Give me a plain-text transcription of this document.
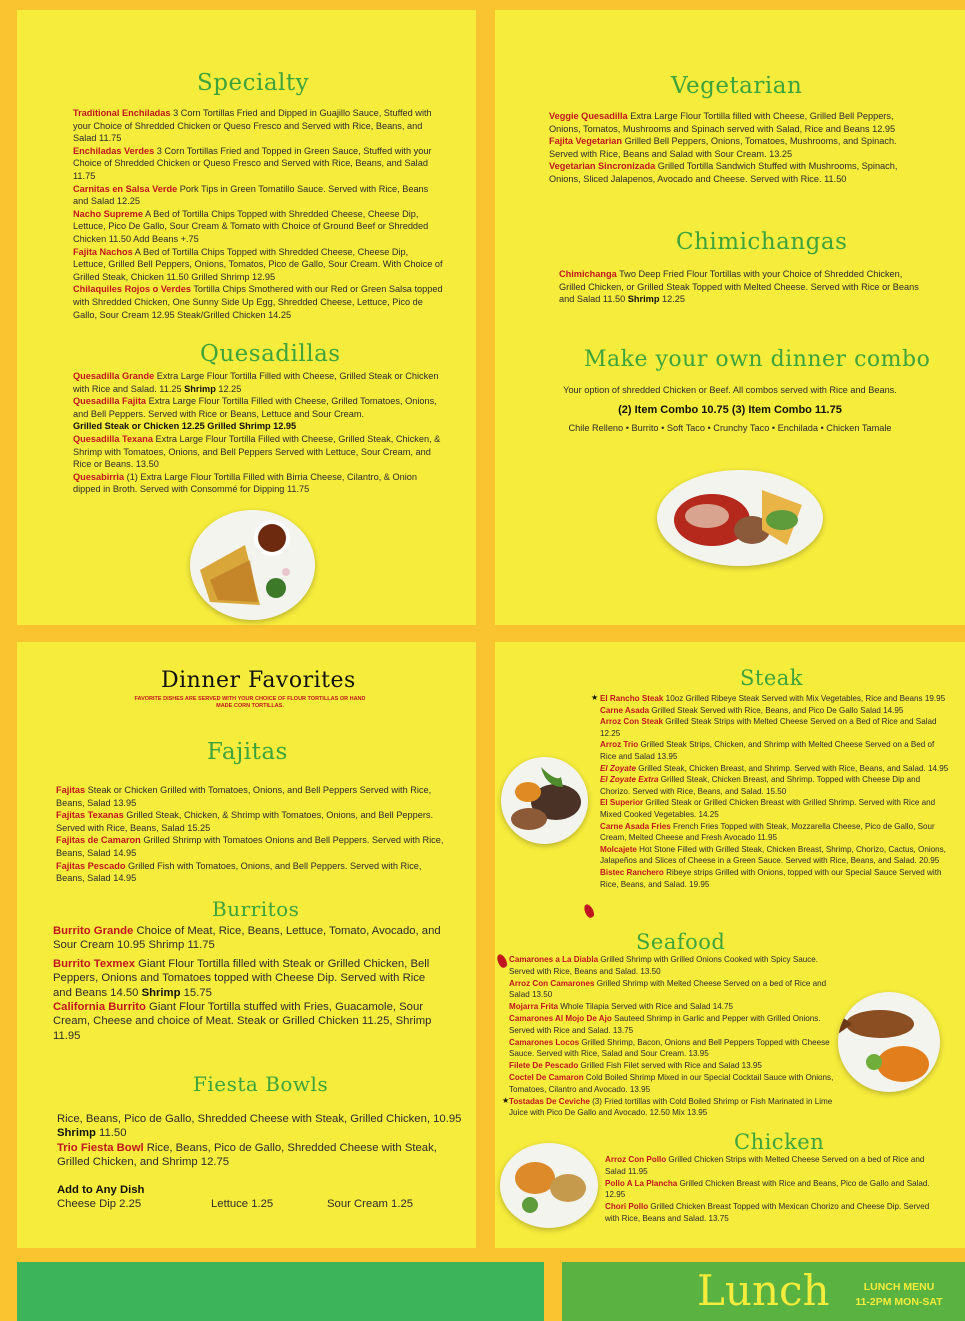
Specialty

Traditional Enchiladas 3 Corn Tortillas Fried and Dipped in Guajillo Sauce, Stuffed with your Choice of Shredded Chicken or Queso Fresco and Served with Rice, Beans, and Salad 11.75

Enchiladas Verdes 3 Corn Tortillas Fried and Topped in Green Sauce, Stuffed with your Choice of Shredded Chicken or Queso Fresco and Served with Rice, Beans, and Salad 11.75

Carnitas en Salsa Verde Pork Tips in Green Tomatillo Sauce. Served with Rice, Beans and Salad 12.25

Nacho Supreme A Bed of Tortilla Chips Topped with Shredded Cheese, Cheese Dip, Lettuce, Pico De Gallo, Sour Cream & Tomato with Choice of Ground Beef or Shredded Chicken 11.50 Add Beans +.75

Fajita Nachos A Bed of Tortilla Chips Topped with Shredded Cheese, Cheese Dip, Lettuce, Grilled Bell Peppers, Onions, Tomatos, Pico de Gallo, Sour Cream. With Choice of Grilled Steak, Chicken 11.50 Grilled Shrimp 12.95

Chilaquiles Rojos o Verdes Tortilla Chips Smothered with our Red or Green Salsa topped with Shredded Chicken, One Sunny Side Up Egg, Shredded Cheese, Lettuce, Pico de Gallo, Sour Cream 12.95 Steak/Grilled Chicken 14.25

Quesadillas

Quesadilla Grande Extra Large Flour Tortilla Filled with Cheese, Grilled Steak or Chicken with Rice and Salad. 11.25 Shrimp 12.25

Quesadilla Fajita Extra Large Flour Tortilla Filled with Cheese, Grilled Tomatoes, Onions, and Bell Peppers. Served with Rice or Beans, Lettuce and Sour Cream.

Grilled Steak or Chicken 12.25 Grilled Shrimp 12.95

Quesadilla Texana Extra Large Flour Tortilla Filled with Cheese, Grilled Steak, Chicken, & Shrimp with Tomatoes, Onions, and Bell Peppers Served with Lettuce, Sour Cream, and Rice or Beans. 13.50

Quesabirria (1) Extra Large Flour Tortilla Filled with Birria Cheese, Cilantro, & Onion dipped in Broth. Served with Consommé for Dipping 11.75

Vegetarian

Veggie Quesadilla Extra Large Flour Tortilla filled with Cheese, Grilled Bell Peppers, Onions, Tomatos, Mushrooms and Spinach served with Salad, Rice and Beans 12.95

Fajita Vegetarian Grilled Bell Peppers, Onions, Tomatoes, Mushrooms, and Spinach. Served with Rice, Beans and Salad with Sour Cream. 13.25

Vegetarian Sincronizada Grilled Tortilla Sandwich Stuffed with Mushrooms, Spinach, Onions, Sliced Jalapenos, Avocado and Cheese. Served with Rice. 11.50

Chimichangas

Chimichanga Two Deep Fried Flour Tortillas with your Choice of Shredded Chicken, Grilled Chicken, or Grilled Steak Topped with Melted Cheese. Served with Rice or Beans and Salad 11.50 Shrimp 12.25

Make your own dinner combo

Your option of shredded Chicken or Beef. All combos served with Rice and Beans.

(2) Item Combo 10.75 (3) Item Combo 11.75

Chile Relleno • Burrito • Soft Taco • Crunchy Taco • Enchilada • Chicken Tamale

Dinner Favorites
FAVORITE DISHES ARE SERVED WITH YOUR CHOICE OF FLOUR TORTILLAS OR HAND MADE CORN TORTILLAS.
Fajitas

Fajitas Steak or Chicken Grilled with Tomatoes, Onions, and Bell Peppers Served with Rice, Beans, Salad 13.95

Fajitas Texanas Grilled Steak, Chicken, & Shrimp with Tomatoes, Onions, and Bell Peppers. Served with Rice, Beans, Salad 15.25

Fajitas de Camaron Grilled Shrimp with Tomatoes Onions and Bell Peppers. Served with Rice, Beans, Salad 14.95

Fajitas Pescado Grilled Fish with Tomatoes, Onions, and Bell Peppers. Served with Rice, Beans, Salad 14.95

Burritos

Burrito Grande Choice of Meat, Rice, Beans, Lettuce, Tomato, Avocado, and Sour Cream 10.95 Shrimp 11.75

Burrito Texmex Giant Flour Tortilla filled with Steak or Grilled Chicken, Bell Peppers, Onions and Tomatoes topped with Cheese Dip. Served with Rice and Beans 14.50 Shrimp 15.75

California Burrito Giant Flour Tortilla stuffed with Fries, Guacamole, Sour Cream, Cheese and choice of Meat. Steak or Grilled Chicken 11.25, Shrimp 11.95

Fiesta Bowls

Rice, Beans, Pico de Gallo, Shredded Cheese with Steak, Grilled Chicken, 10.95 Shrimp 11.50

Trio Fiesta Bowl Rice, Beans, Pico de Gallo, Shredded Cheese with Steak, Grilled Chicken, and Shrimp 12.75

Add to Any Dish

Cheese Dip 2.25	Lettuce 1.25	Sour Cream 1.25
Steak

El Rancho Steak 10oz Grilled Ribeye Steak Served with Mix Vegetables, Rice and Beans 19.95

Carne Asada Grilled Steak Served with Rice, Beans, and Pico De Gallo Salad 14.95

Arroz Con Steak Grilled Steak Strips with Melted Cheese Served on a Bed of Rice and Salad 12.25

Arroz Trio Grilled Steak Strips, Chicken, and Shrimp with Melted Cheese Served on a Bed of Rice and Salad 13.95

El Zoyate Grilled Steak, Chicken Breast, and Shrimp. Served with Rice, Beans, and Salad. 14.95

El Zoyate Extra Grilled Steak, Chicken Breast, and Shrimp. Topped with Cheese Dip and Chorizo. Served with Rice, Beans, and Salad. 15.50

El Superior Grilled Steak or Grilled Chicken Breast with Grilled Shrimp. Served with Rice and Mixed Cooked Vegetables. 14.25

Carne Asada Fries French Fries Topped with Steak, Mozzarella Cheese, Pico de Gallo, Sour Cream, Melted Cheese and Fresh Avocado 11.95

Molcajete Hot Stone Filled with Grilled Steak, Chicken Breast, Shrimp, Chorizo, Cactus, Onions, Jalapeños and Slices of Cheese in a Green Sauce. Served with Rice, Beans, and Salad. 20.95

Bistec Ranchero Ribeye strips Grilled with Onions, topped with our Special Sauce Served with Rice, Beans, and Salad. 19.95

★
Seafood

Camarones a La Diabla Grilled Shrimp with Grilled Onions Cooked with Spicy Sauce. Served with Rice, Beans and Salad. 13.50

Arroz Con Camarones Grilled Shrimp with Melted Cheese Served on a bed of Rice and Salad 13.50

Mojarra Frita Whole Tilapia Served with Rice and Salad 14.75

Camarones Al Mojo De Ajo Sauteed Shrimp in Garlic and Pepper with Grilled Onions. Served with Rice and Salad. 13.75

Camarones Locos Grilled Shrimp, Bacon, Onions and Bell Peppers Topped with Cheese Sauce. Served with Rice, Salad and Sour Cream. 13.95

Filete De Pescado Grilled Fish Filet served with Rice and Salad 13.95

Coctel De Camaron Cold Boiled Shrimp Mixed in our Special Cocktail Sauce with Onions, Tomatoes, Cilantro and Avocado. 13.95

Tostadas De Ceviche (3) Fried tortillas with Cold Boiled Shrimp or Fish Marinated in Lime Juice with Pico De Gallo and Avocado. 12.50 Mix 13.95

★
Chicken

Arroz Con Pollo Grilled Chicken Strips with Melted Cheese Served on a bed of Rice and Salad 11.95

Pollo A La Plancha Grilled Chicken Breast with Rice and Beans, Pico de Gallo and Salad. 12.95

Chori Pollo Grilled Chicken Breast Topped with Mexican Chorizo and Cheese Dip. Served with Rice, Beans and Salad. 13.75

Lunch	LUNCH MENU
11-2PM MON-SAT
